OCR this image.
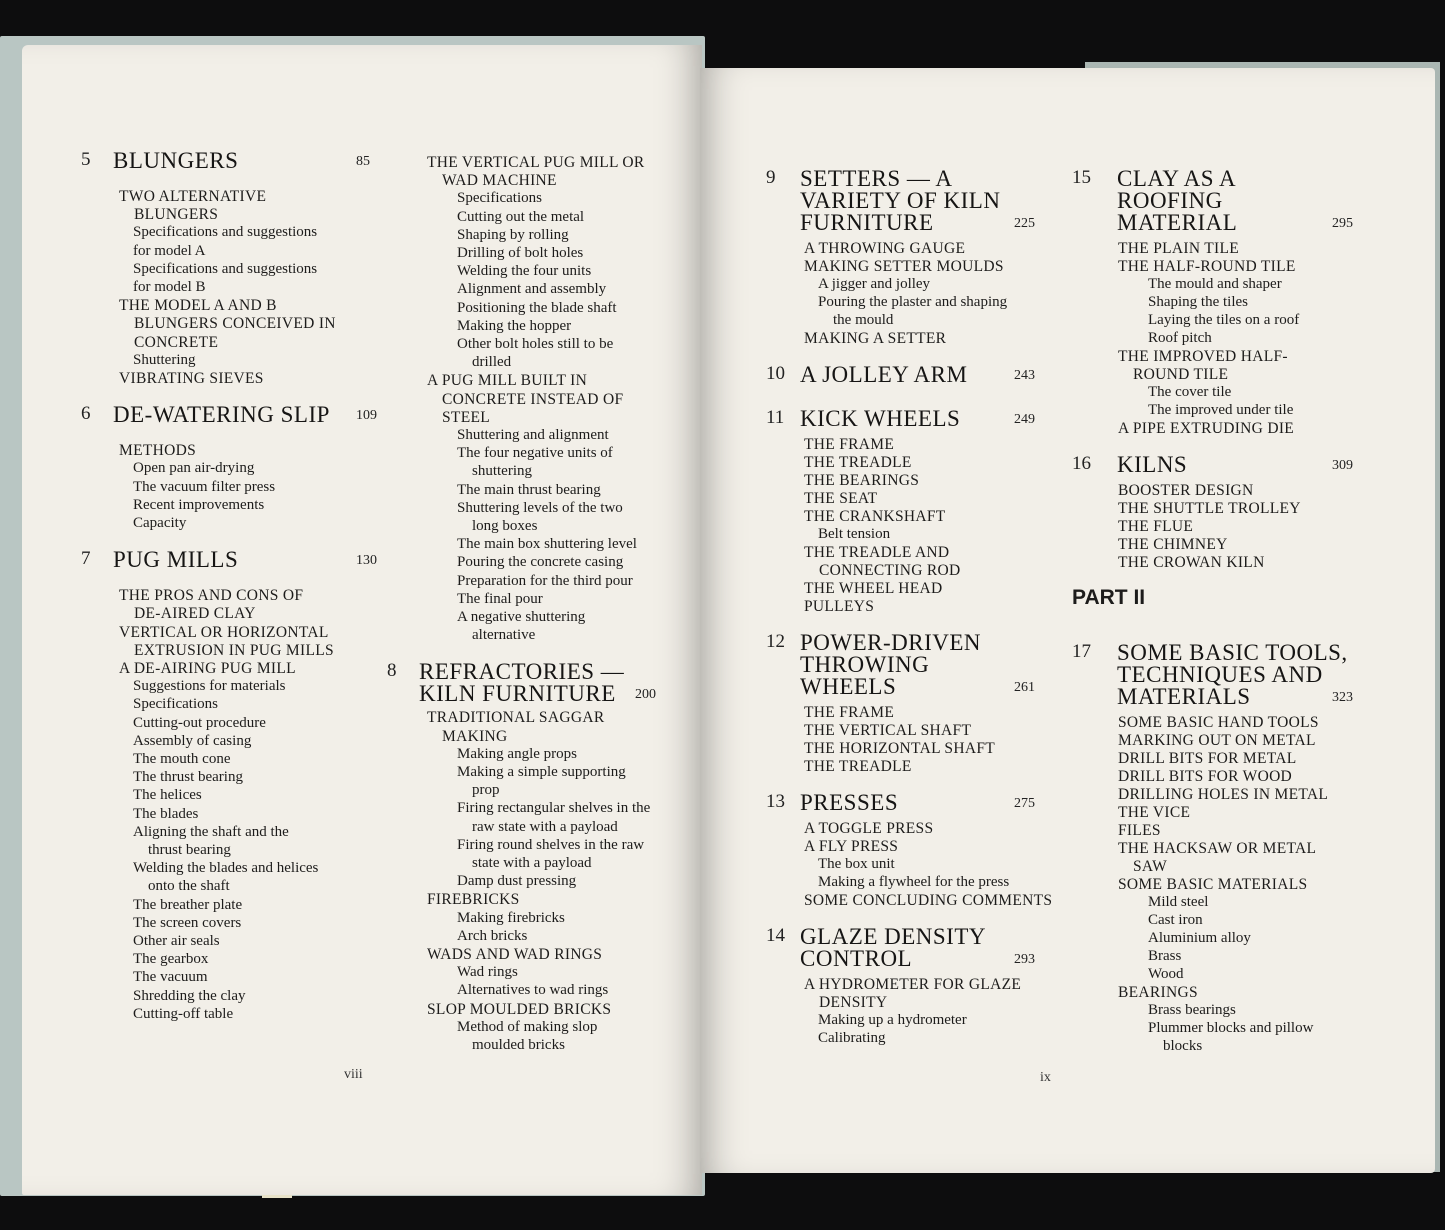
5 BLUNGERS	85
TWO ALTERNATIVE
BLUNGERS
Specifications and suggestions
for model A
Specifications and suggestions
for model B
THE MODEL A AND B
BLUNGERS CONCEIVED IN
CONCRETE
Shuttering
VIBRATING SIEVES
6 DE-WATERING SLIP 109
METHODS
Open pan air-drying
The vacuum filter press
Recent improvements
Capacity
7 PUG MILLS	130
THE PROS AND CONS OF
DE-AIRED CLAY
VERTICAL OR HORIZONTAL
EXTRUSION IN PUG MILLS
A DE-AIRING PUG MILL
Suggestions for materials
Specifications
Cutting-out procedure
Assembly of casing
The mouth cone
The thrust bearing
The helices
The blades
Aligning the shaft and the
thrust bearing
Welding the blades and helices
onto the shaft
The breather plate
The screen covers
Other air seals
The gearbox
The vacuum
Shredding the clay
Cutting-off table
THE VERTICAL PUG MILL OR
WAD MACHINE
Specifications
Cutting out the metal
Shaping by rolling
Drilling of bolt holes
Welding the four units
Alignment and assembly
Positioning the blade shaft
Making the hopper
Other bolt holes still to be
drilled
A PUG MILL BUILT IN
CONCRETE INSTEAD OF
STEEL
Shuttering and alignment
The four negative units of
shuttering
The main thrust bearing
Shuttering levels of the two
long boxes
The main box shuttering level
Pouring the concrete casing
Preparation for the third pour
The final pour
A negative shuttering
alternative
8 REFRACTORIES —
KILN FURNITURE 200
TRADITIONAL SAGGAR
MAKING
Making angle props
Making a simple supporting
prop
Firing rectangular shelves in the
raw state with a payload
Firing round shelves in the raw
state with a payload
Damp dust pressing
FIREBRICKS
Making firebricks
Arch bricks
WADS AND WAD RINGS
Wad rings
Alternatives to wad rings
SLOP MOULDED BRICKS
Method of making slop
moulded bricks
viii
9 SETTERS — A
VARIETY OF KILN
FURNITURE	225
A THROWING GAUGE
MAKING SETTER MOULDS
A jigger and jolley
Pouring the plaster and shaping
the mould
MAKING A SETTER
10 A JOLLEY ARM	243
11 KICK WHEELS	249
THE FRAME
THE TREADLE
THE BEARINGS
THE SEAT
THE CRANKSHAFT
Belt tension
THE TREADLE AND
CONNECTING ROD
THE WHEEL HEAD
PULLEYS
12 POWER-DRIVEN
THROWING
WHEELS	261
THE FRAME
THE VERTICAL SHAFT
THE HORIZONTAL SHAFT
THE TREADLE
13 PRESSES	275
A TOGGLE PRESS
A FLY PRESS
The box unit
Making a flywheel for the press
SOME CONCLUDING COMMENTS
14 GLAZE DENSITY
CONTROL	293
A HYDROMETER FOR GLAZE
DENSITY
Making up a hydrometer
Calibrating
15 CLAY AS A
ROOFING
MATERIAL	295
THE PLAIN TILE
THE HALF-ROUND TILE
The mould and shaper
Shaping the tiles
Laying the tiles on a roof
Roof pitch
THE IMPROVED HALF-
ROUND TILE
The cover tile
The improved under tile
A PIPE EXTRUDING DIE
16 KILNS	309
BOOSTER DESIGN
THE SHUTTLE TROLLEY
THE FLUE
THE CHIMNEY
THE CROWAN KILN
PART II
17 SOME BASIC TOOLS,
TECHNIQUES AND
MATERIALS	323
SOME BASIC HAND TOOLS
MARKING OUT ON METAL
DRILL BITS FOR METAL
DRILL BITS FOR WOOD
DRILLING HOLES IN METAL
THE VICE
FILES
THE HACKSAW OR METAL
SAW
SOME BASIC MATERIALS
Mild steel
Cast iron
Aluminium alloy
Brass
Wood
BEARINGS
Brass bearings
Plummer blocks and pillow
blocks
ix
